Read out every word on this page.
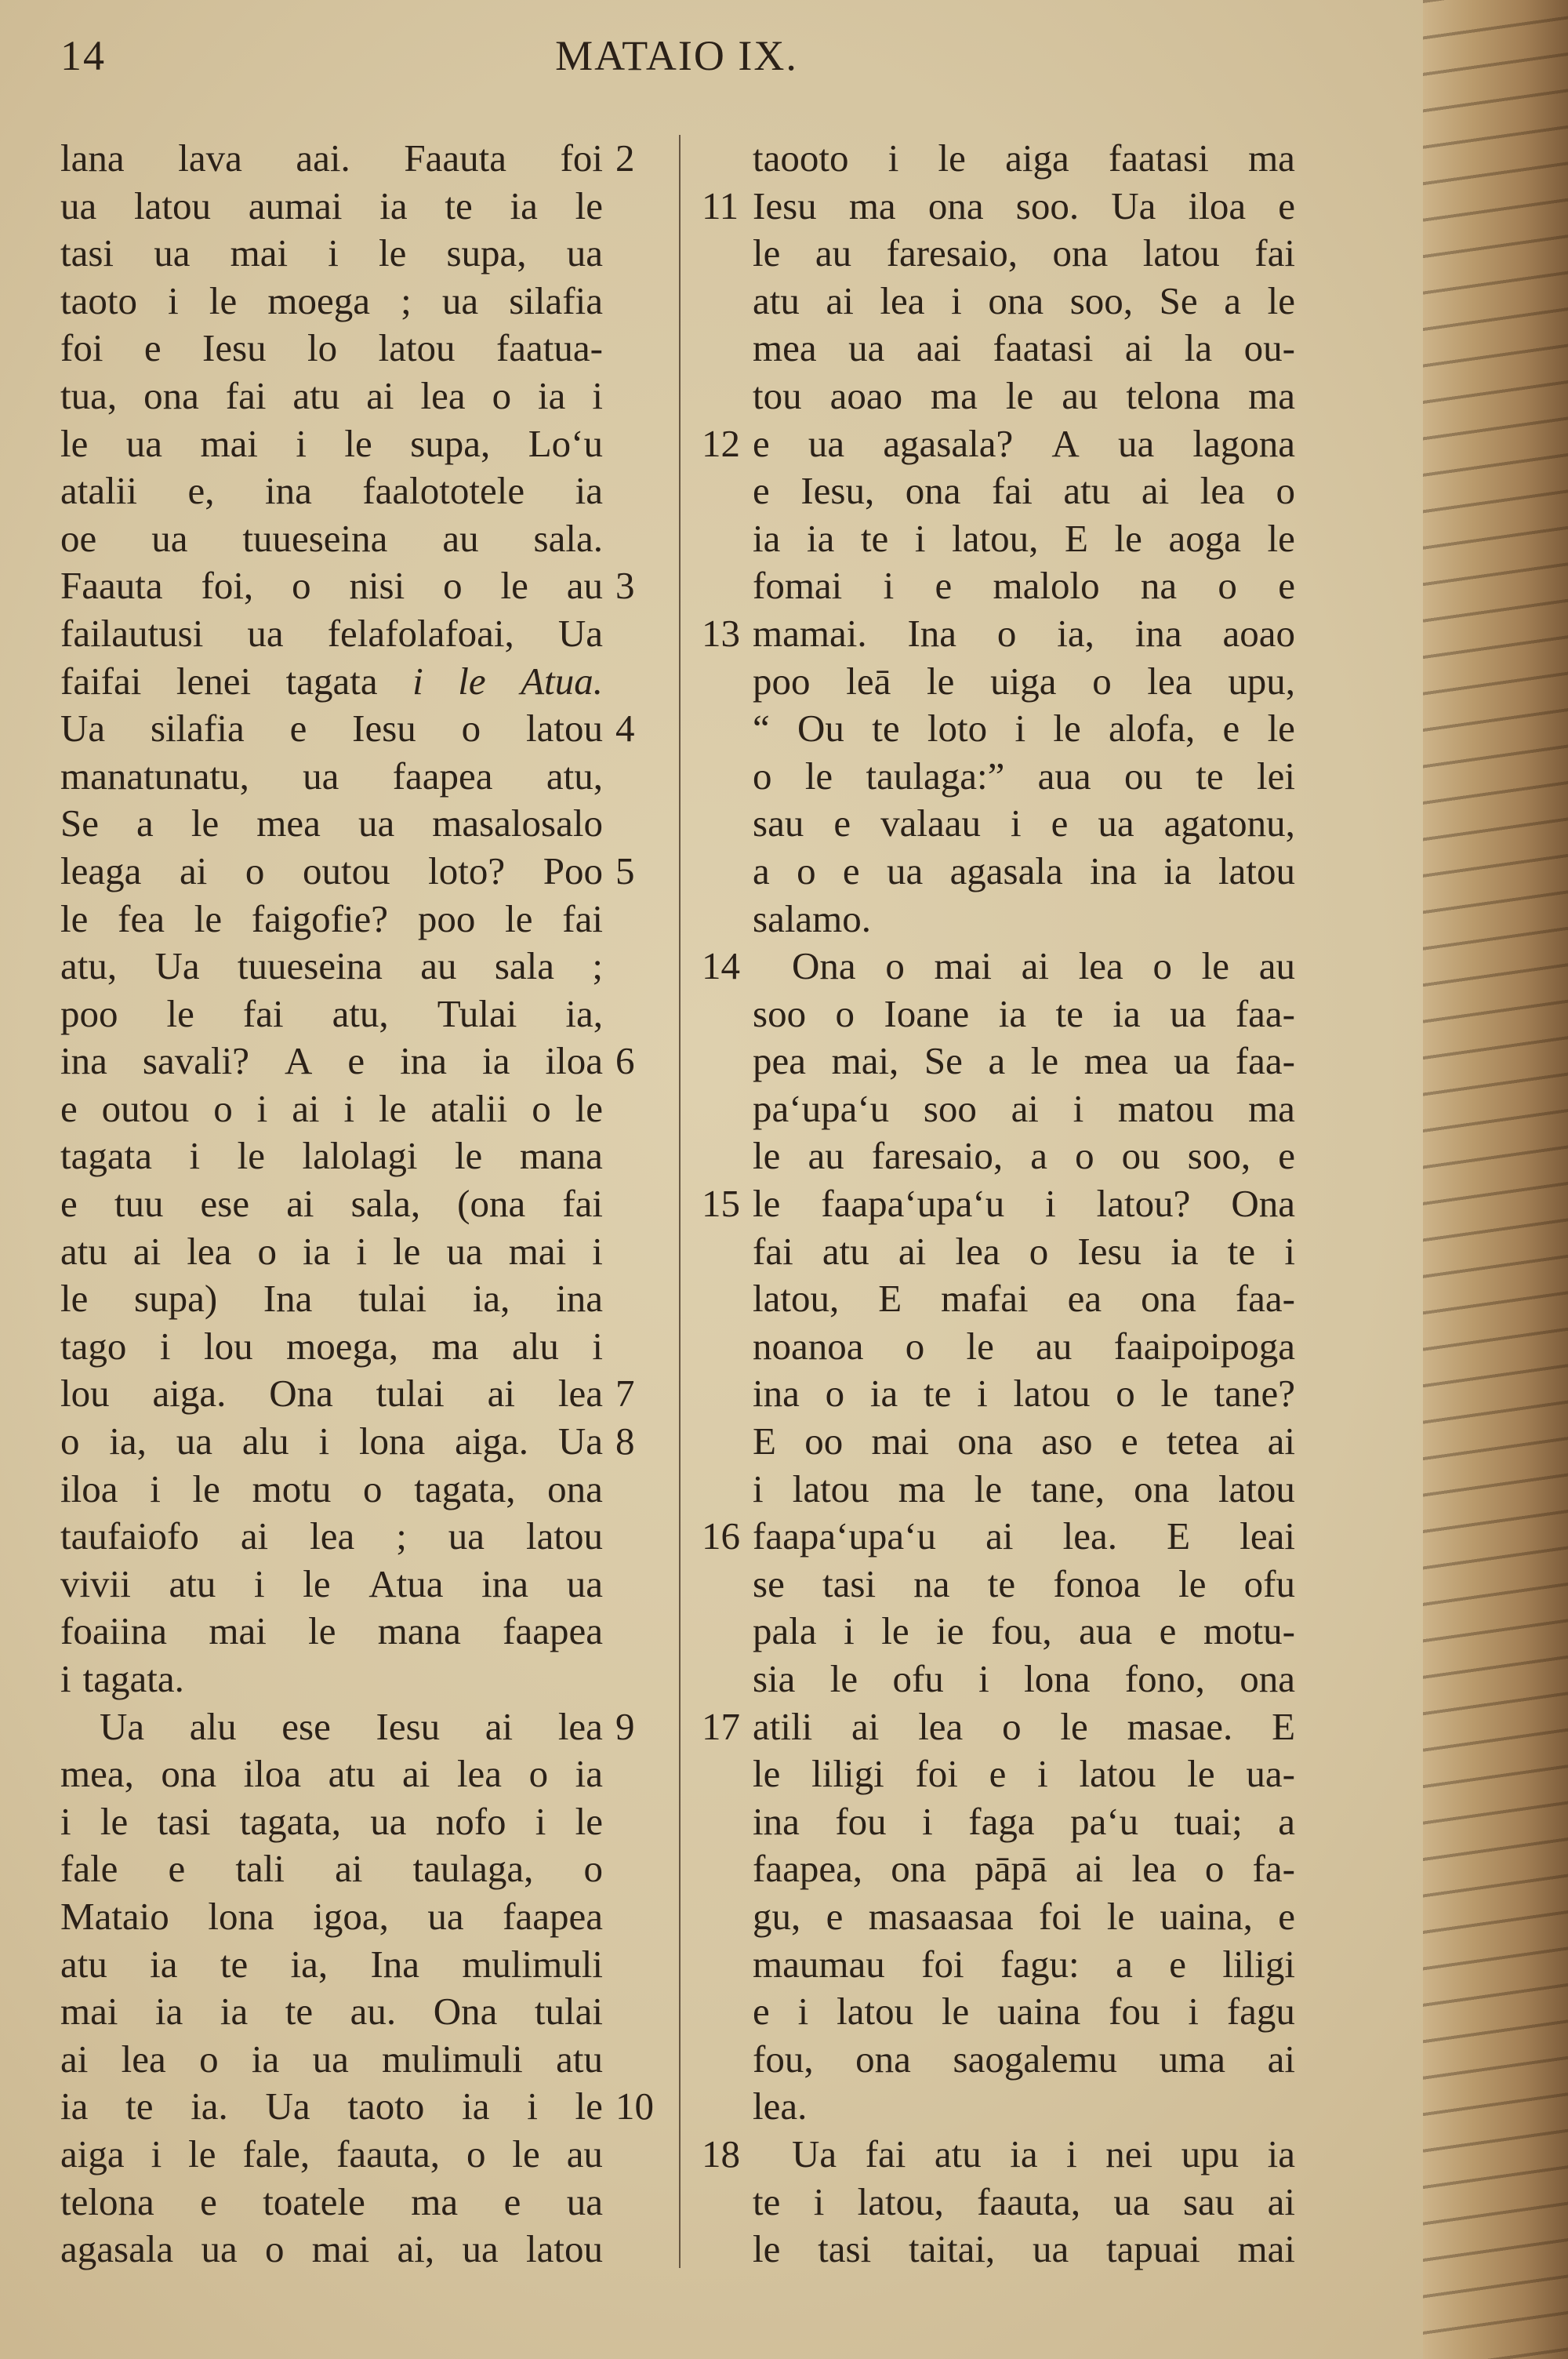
14	MATAIO IX.
lana lava aai. Faauta foi 2
ua latou aumai ia te ia le
tasi ua mai i le supa, ua
taoto i le moega ; ua silafia
foi e Iesu lo latou faatua-
tua, ona fai atu ai lea o ia i
le ua mai i le supa, Lo‘u
atalii e, ina faalototele ia
oe ua tuueseina au sala.
Faauta foi, o nisi o le au 3
failautusi ua felafolafoai, Ua
faifai lenei tagata i le Atua.
Ua silafia e Iesu o latou 4
manatunatu, ua faapea atu,
Se a le mea ua masalosalo
leaga ai o outou loto? Poo 5
le fea le faigofie? poo le fai
atu, Ua tuueseina au sala ;
poo le fai atu, Tulai ia,
ina savali? A e ina ia iloa 6
e outou o i ai i le atalii o le
tagata i le lalolagi le mana
e tuu ese ai sala, (ona fai
atu ai lea o ia i le ua mai i
le supa) Ina tulai ia, ina
tago i lou moega, ma alu i
lou aiga. Ona tulai ai lea 7
o ia, ua alu i lona aiga. Ua 8
iloa i le motu o tagata, ona
taufaiofo ai lea ; ua latou
vivii atu i le Atua ina ua
foaiina mai le mana faapea
i tagata.
Ua alu ese Iesu ai lea 9
mea, ona iloa atu ai lea o ia
i le tasi tagata, ua nofo i le
fale e tali ai taulaga, o
Mataio lona igoa, ua faapea
atu ia te ia, Ina mulimuli
mai ia ia te au. Ona tulai
ai lea o ia ua mulimuli atu
ia te ia. Ua taoto ia i le 10
aiga i le fale, faauta, o le au
telona e toatele ma e ua
agasala ua o mai ai, ua latou
taooto i le aiga faatasi ma
Iesu ma ona soo. Ua iloa e
11
le au faresaio, ona latou fai
atu ai lea i ona soo, Se a le
mea ua aai faatasi ai la ou-
tou aoao ma le au telona ma
e ua agasala? A ua lagona
12
e Iesu, ona fai atu ai lea o
ia ia te i latou, E le aoga le
fomai i e malolo na o e
mamai. Ina o ia, ina aoao
13
poo leā le uiga o lea upu,
“ Ou te loto i le alofa, e le
o le taulaga:” aua ou te lei
sau e valaau i e ua agatonu,
a o e ua agasala ina ia latou
salamo.
Ona o mai ai lea o le au
14
soo o Ioane ia te ia ua faa-
pea mai, Se a le mea ua faa-
pa‘upa‘u soo ai i matou ma
le au faresaio, a o ou soo, e
le faapa‘upa‘u i latou? Ona
15
fai atu ai lea o Iesu ia te i
latou, E mafai ea ona faa-
noanoa o le au faaipoipoga
ina o ia te i latou o le tane?
E oo mai ona aso e tetea ai
i latou ma le tane, ona latou
faapa‘upa‘u ai lea. E leai
16
se tasi na te fonoa le ofu
pala i le ie fou, aua e motu-
sia le ofu i lona fono, ona
atili ai lea o le masae. E
17
le liligi foi e i latou le ua-
ina fou i faga pa‘u tuai; a
faapea, ona pāpā ai lea o fa-
gu, e masaasaa foi le uaina, e
maumau foi fagu: a e liligi
e i latou le uaina fou i fagu
fou, ona saogalemu uma ai
lea.
Ua fai atu ia i nei upu ia
18
te i latou, faauta, ua sau ai
le tasi taitai, ua tapuai mai
